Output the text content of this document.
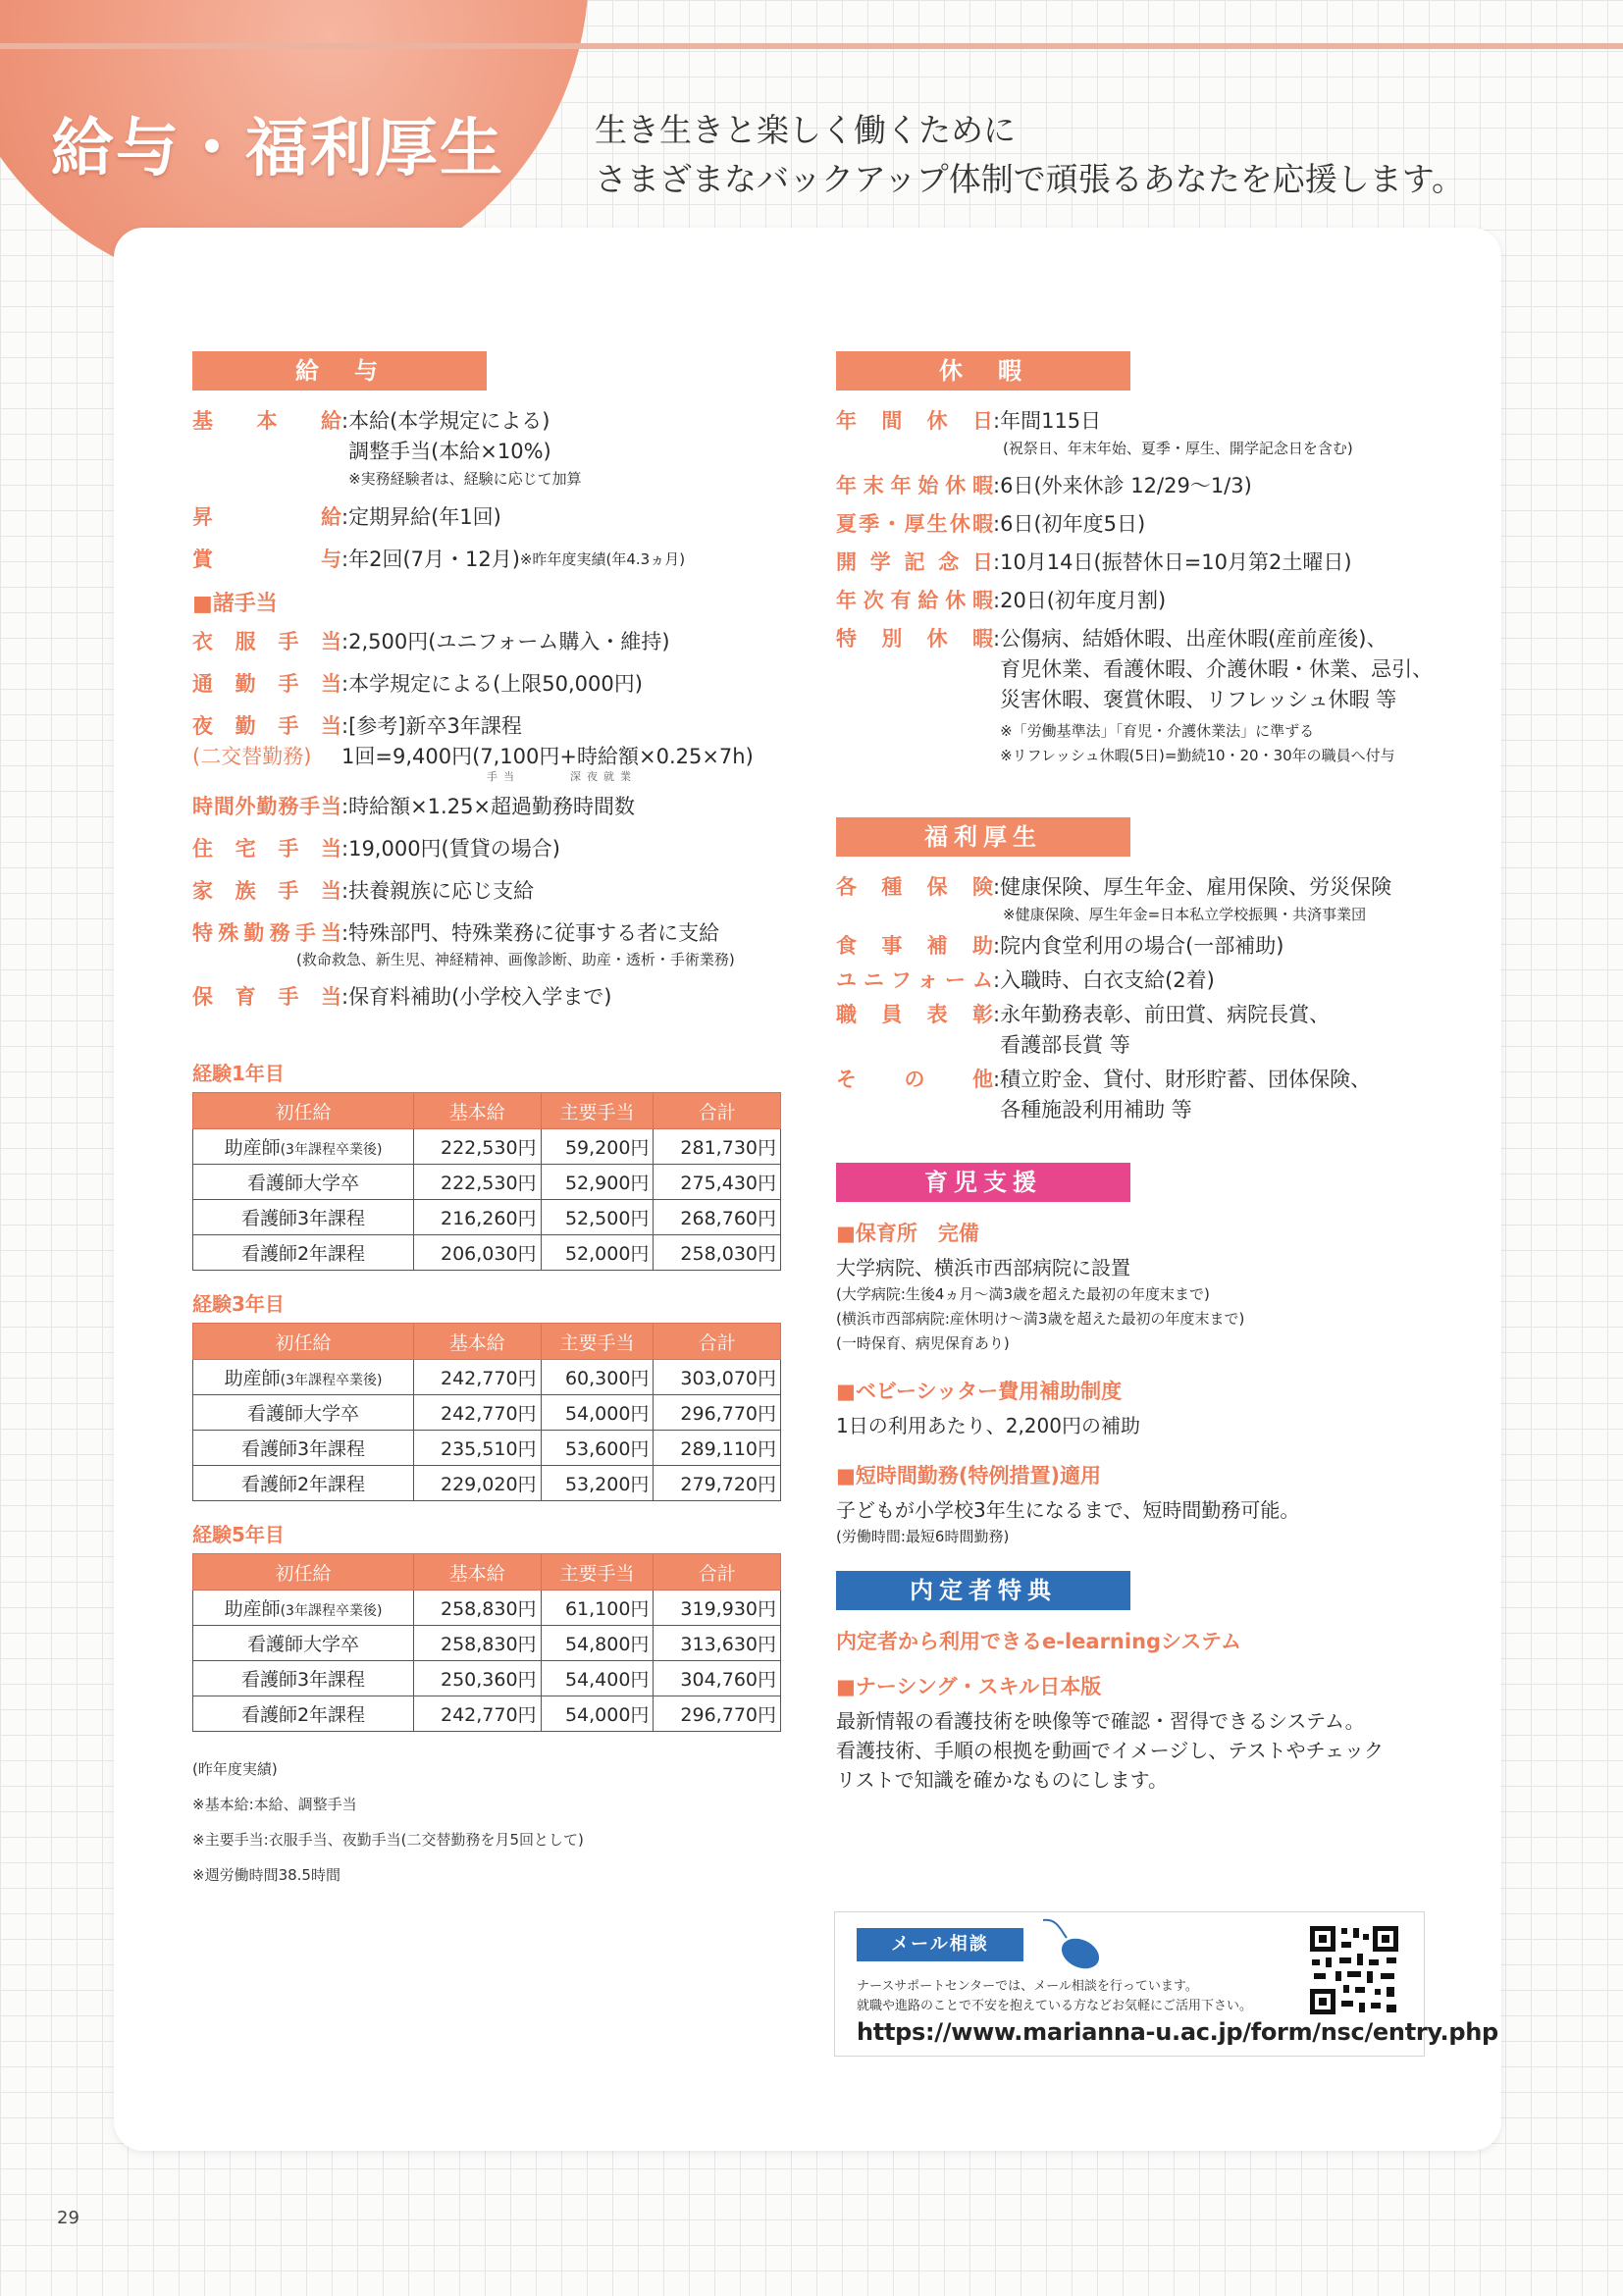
給与・福利厚生	生き生きと楽しく働くために
さまざまなバックアップ体制で頑張るあなたを応援します。
給　与
基　本　給 : 本給(本学規定による)
調整手当(本給×10%)
※実務経験者は、経験に応じて加算
昇　　給 : 定期昇給(年1回)
賞　　与 : 年2回(7月・12月) ※昨年度実績(年4.3ヵ月)
■諸手当
衣服手当 : 2,500円(ユニフォーム購入・維持)
通勤手当 : 本学規定による(上限50,000円)
夜勤手当 : [参考]新卒3年課程
(二交替勤務)	1回=9,400円(7,100円+時給額×0.25×7h)
手当　　　深夜就業
時間外勤務手当 : 時給額×1.25×超過勤務時間数
住宅手当 : 19,000円(賃貸の場合)
家族手当 : 扶養親族に応じ支給
特殊勤務手当 : 特殊部門、特殊業務に従事する者に支給
(救命救急、新生児、神経精神、画像診断、助産・透析・手術業務)
保育手当 : 保育料補助(小学校入学まで)
経験1年目
初任給	基本給	主要手当	合計
助産師(3年課程卒業後)	222,530円	59,200円	281,730円
看護師大学卒	222,530円	52,900円	275,430円
看護師3年課程	216,260円	52,500円	268,760円
看護師2年課程	206,030円	52,000円	258,030円
経験3年目
初任給	基本給	主要手当	合計
助産師(3年課程卒業後)	242,770円	60,300円	303,070円
看護師大学卒	242,770円	54,000円	296,770円
看護師3年課程	235,510円	53,600円	289,110円
看護師2年課程	229,020円	53,200円	279,720円
経験5年目
初任給	基本給	主要手当	合計
助産師(3年課程卒業後)	258,830円	61,100円	319,930円
看護師大学卒	258,830円	54,800円	313,630円
看護師3年課程	250,360円	54,400円	304,760円
看護師2年課程	242,770円	54,000円	296,770円
(昨年度実績)
※基本給:本給、調整手当
※主要手当:衣服手当、夜勤手当(二交替勤務を月5回として)
※週労働時間38.5時間
休　暇
年間休日 : 年間115日
(祝祭日、年末年始、夏季・厚生、開学記念日を含む)
年末年始休暇 : 6日(外来休診 12/29〜1/3)
夏季・厚生休暇 : 6日(初年度5日)
開学記念日 : 10月14日(振替休日=10月第2土曜日)
年次有給休暇 : 20日(初年度月割)
特別休暇 : 公傷病、結婚休暇、出産休暇(産前産後)、
育児休業、看護休暇、介護休暇・休業、忌引、
災害休暇、褒賞休暇、リフレッシュ休暇 等
※「労働基準法」「育児・介護休業法」に準ずる
※リフレッシュ休暇(5日)=勤続10・20・30年の職員へ付与
福利厚生
各種保険 : 健康保険、厚生年金、雇用保険、労災保険
※健康保険、厚生年金=日本私立学校振興・共済事業団
食事補助 : 院内食堂利用の場合(一部補助)
ユニフォーム : 入職時、白衣支給(2着)
職員表彰 : 永年勤務表彰、前田賞、病院長賞、
看護部長賞 等
その他 : 積立貯金、貸付、財形貯蓄、団体保険、
各種施設利用補助 等
育児支援
■保育所　完備
大学病院、横浜市西部病院に設置
(大学病院:生後4ヵ月〜満3歳を超えた最初の年度末まで)
(横浜市西部病院:産休明け〜満3歳を超えた最初の年度末まで)
(一時保育、病児保育あり)
■ベビーシッター費用補助制度
1日の利用あたり、2,200円の補助
■短時間勤務(特例措置)適用
子どもが小学校3年生になるまで、短時間勤務可能。
(労働時間:最短6時間勤務)
内定者特典
内定者から利用できるe-learningシステム
■ナーシング・スキル日本版
最新情報の看護技術を映像等で確認・習得できるシステム。
看護技術、手順の根拠を動画でイメージし、テストやチェック
リストで知識を確かなものにします。
メール相談
ナースサポートセンターでは、メール相談を行っています。
就職や進路のことで不安を抱えている方などお気軽にご活用下さい。
https://www.marianna-u.ac.jp/form/nsc/entry.php
29
